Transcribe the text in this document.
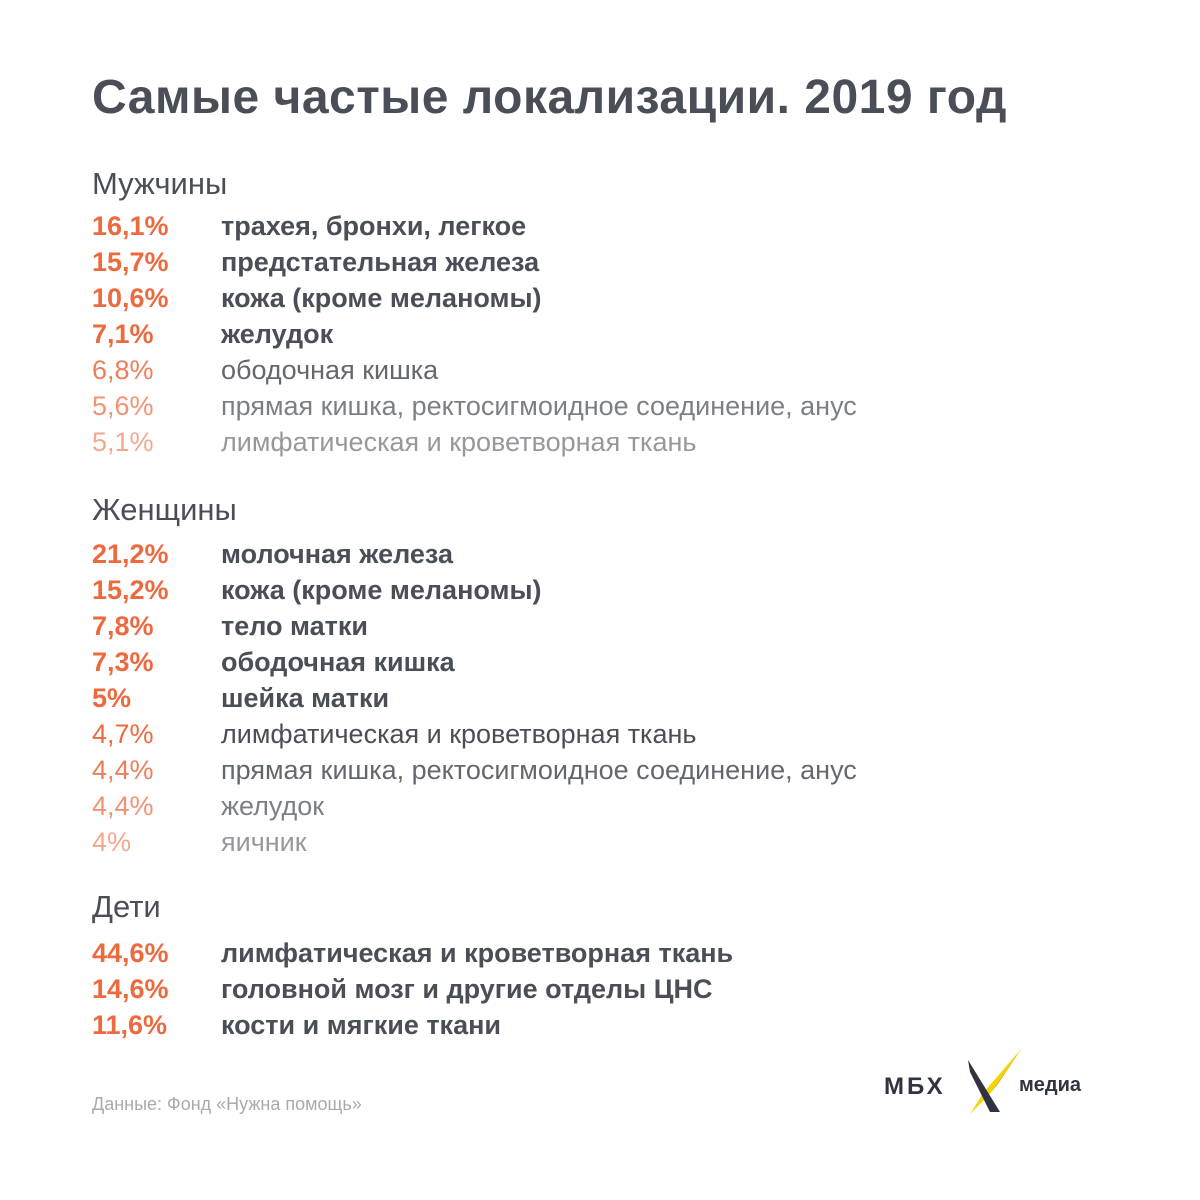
Самые частые локализации. 2019 год
Мужчины
16,1%	трахея, бронхи, легкое
15,7%	предстательная железа
10,6%	кожа (кроме меланомы)
7,1%	желудок
6,8%	ободочная кишка
5,6%	прямая кишка, ректосигмоидное соединение, анус
5,1%	лимфатическая и кроветворная ткань
Женщины
21,2%	молочная железа
15,2%	кожа (кроме меланомы)
7,8%	тело матки
7,3%	ободочная кишка
5%	шейка матки
4,7%	лимфатическая и кроветворная ткань
4,4%	прямая кишка, ректосигмоидное соединение, анус
4,4%	желудок
4%	яичник
Дети
44,6%	лимфатическая и кроветворная ткань
14,6%	головной мозг и другие отделы ЦНС
11,6%	кости и мягкие ткани

Данные: Фонд «Нужна помощь»

МБХ	медиа
